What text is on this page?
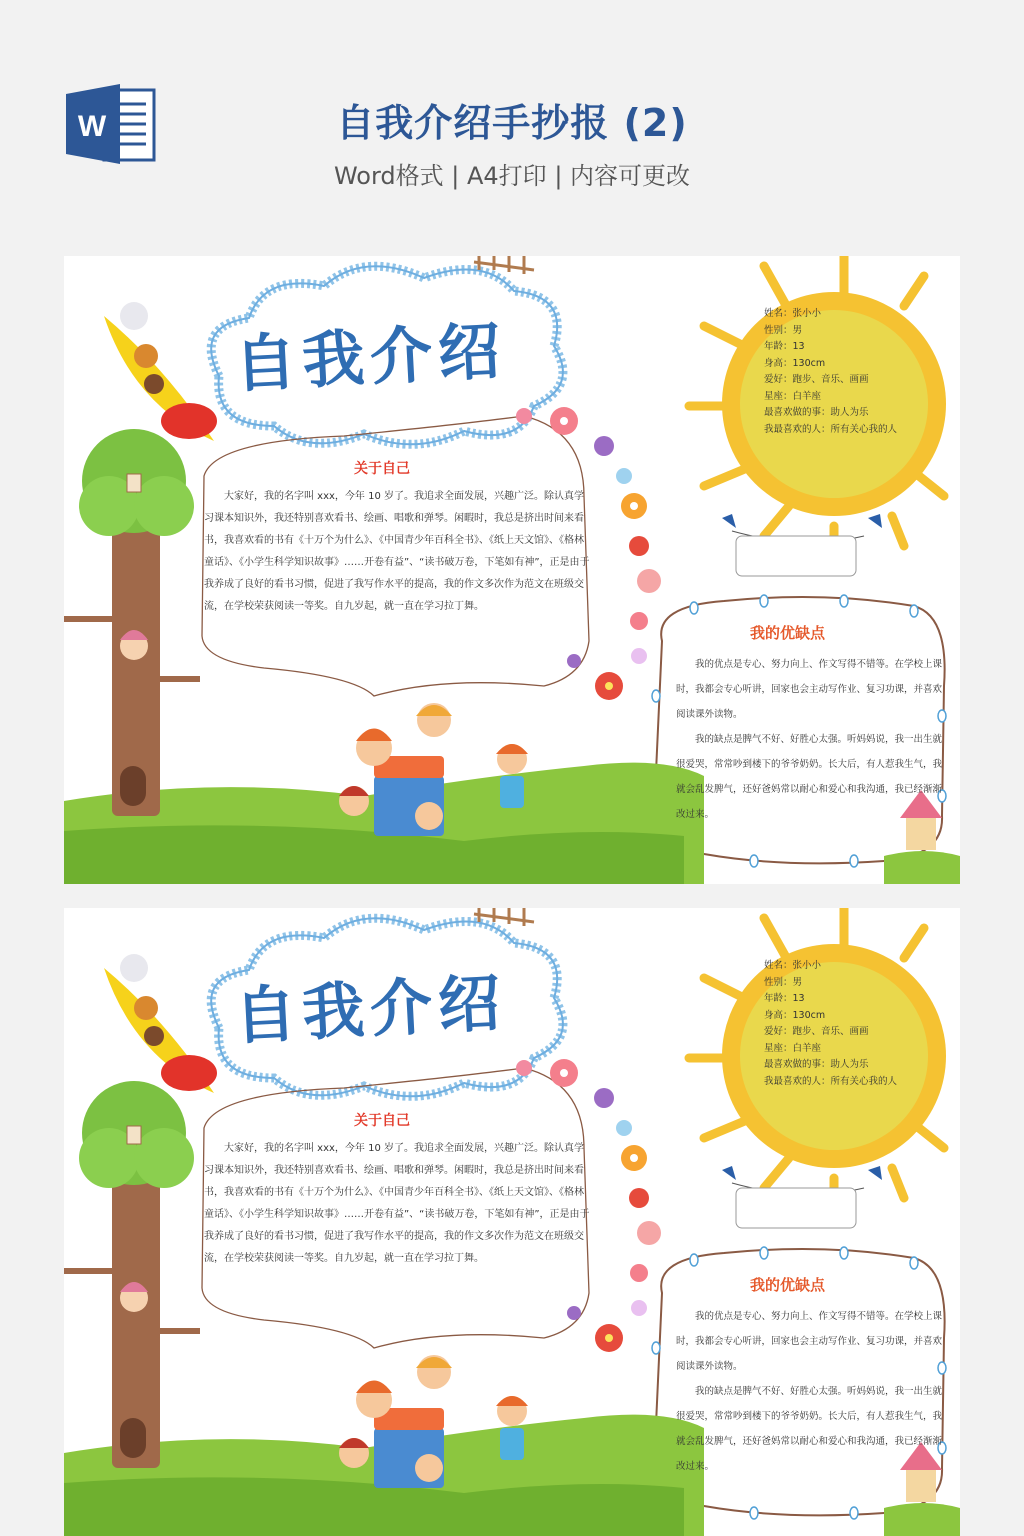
W	自我介绍手抄报 (2)
Word格式 | A4打印 | 内容可更改
自我介绍
关于自己
大家好，我的名字叫 xxx，今年 10 岁了。我追求全面发展，兴趣广泛。除认真学习课本知识外，我还特别喜欢看书、绘画、唱歌和弹琴。闲暇时，我总是挤出时间来看书，我喜欢看的书有《十万个为什么》、《中国青少年百科全书》、《纸上天文馆》、《格林童话》、《小学生科学知识故事》……开卷有益”、“读书破万卷，下笔如有神”，正是由于我养成了良好的看书习惯，促进了我写作水平的提高，我的作文多次作为范文在班级交流，在学校荣获阅读一等奖。自九岁起，就一直在学习拉丁舞。
姓名：张小小
性别：男
年龄：13
身高：130cm
爱好：跑步、音乐、画画
星座：白羊座
最喜欢做的事：助人为乐
我最喜欢的人：所有关心我的人
我的优缺点

我的优点是专心、努力向上、作文写得不错等。在学校上课时，我都会专心听讲，回家也会主动写作业、复习功课，并喜欢阅读课外读物。

我的缺点是脾气不好、好胜心太强。听妈妈说，我一出生就很爱哭，常常吵到楼下的爷爷奶奶。长大后，有人惹我生气，我就会乱发脾气，还好爸妈常以耐心和爱心和我沟通，我已经渐渐改过来。

自我介绍
关于自己
大家好，我的名字叫 xxx，今年 10 岁了。我追求全面发展，兴趣广泛。除认真学习课本知识外，我还特别喜欢看书、绘画、唱歌和弹琴。闲暇时，我总是挤出时间来看书，我喜欢看的书有《十万个为什么》、《中国青少年百科全书》、《纸上天文馆》、《格林童话》、《小学生科学知识故事》……开卷有益”、“读书破万卷，下笔如有神”，正是由于我养成了良好的看书习惯，促进了我写作水平的提高，我的作文多次作为范文在班级交流，在学校荣获阅读一等奖。自九岁起，就一直在学习拉丁舞。
姓名：张小小
性别：男
年龄：13
身高：130cm
爱好：跑步、音乐、画画
星座：白羊座
最喜欢做的事：助人为乐
我最喜欢的人：所有关心我的人
我的优缺点

我的优点是专心、努力向上、作文写得不错等。在学校上课时，我都会专心听讲，回家也会主动写作业、复习功课，并喜欢阅读课外读物。

我的缺点是脾气不好、好胜心太强。听妈妈说，我一出生就很爱哭，常常吵到楼下的爷爷奶奶。长大后，有人惹我生气，我就会乱发脾气，还好爸妈常以耐心和爱心和我沟通，我已经渐渐改过来。
